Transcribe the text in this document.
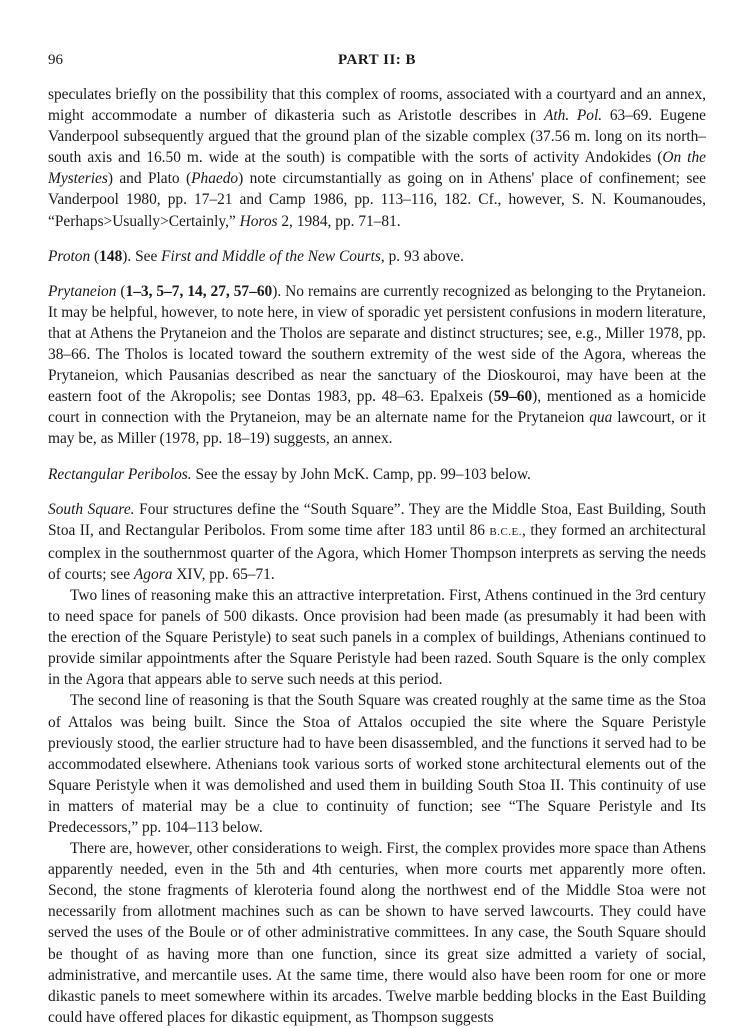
96	PART II: B

speculates briefly on the possibility that this complex of rooms, associated with a courtyard and an annex, might accommodate a number of dikasteria such as Aristotle describes in Ath. Pol. 63–69. Eugene Vanderpool subsequently argued that the ground plan of the sizable complex (37.56 m. long on its north–south axis and 16.50 m. wide at the south) is compatible with the sorts of activity Andokides (On the Mysteries) and Plato (Phaedo) note circumstantially as going on in Athens' place of confinement; see Vanderpool 1980, pp. 17–21 and Camp 1986, pp. 113–116, 182. Cf., however, S. N. Koumanoudes, “Perhaps>Usually>Certainly,” Horos 2, 1984, pp. 71–81.

Proton (148). See First and Middle of the New Courts, p. 93 above.

Prytaneion (1–3, 5–7, 14, 27, 57–60). No remains are currently recognized as belonging to the Prytaneion. It may be helpful, however, to note here, in view of sporadic yet persistent confusions in modern literature, that at Athens the Prytaneion and the Tholos are separate and distinct structures; see, e.g., Miller 1978, pp. 38–66. The Tholos is located toward the southern extremity of the west side of the Agora, whereas the Prytaneion, which Pausanias described as near the sanctuary of the Dioskouroi, may have been at the eastern foot of the Akropolis; see Dontas 1983, pp. 48–63. Epalxeis (59–60), mentioned as a homicide court in connection with the Prytaneion, may be an alternate name for the Prytaneion qua lawcourt, or it may be, as Miller (1978, pp. 18–19) suggests, an annex.

Rectangular Peribolos. See the essay by John McK. Camp, pp. 99–103 below.

South Square. Four structures define the “South Square”. They are the Middle Stoa, East Building, South Stoa II, and Rectangular Peribolos. From some time after 183 until 86 B.C.E., they formed an architectural complex in the southernmost quarter of the Agora, which Homer Thompson interprets as serving the needs of courts; see Agora XIV, pp. 65–71.

Two lines of reasoning make this an attractive interpretation. First, Athens continued in the 3rd century to need space for panels of 500 dikasts. Once provision had been made (as presumably it had been with the erection of the Square Peristyle) to seat such panels in a complex of buildings, Athenians continued to provide similar appointments after the Square Peristyle had been razed. South Square is the only complex in the Agora that appears able to serve such needs at this period.

The second line of reasoning is that the South Square was created roughly at the same time as the Stoa of Attalos was being built. Since the Stoa of Attalos occupied the site where the Square Peristyle previously stood, the earlier structure had to have been disassembled, and the functions it served had to be accommodated elsewhere. Athenians took various sorts of worked stone architectural elements out of the Square Peristyle when it was demolished and used them in building South Stoa II. This continuity of use in matters of material may be a clue to continuity of function; see “The Square Peristyle and Its Predecessors,” pp. 104–113 below.

There are, however, other considerations to weigh. First, the complex provides more space than Athens apparently needed, even in the 5th and 4th centuries, when more courts met apparently more often. Second, the stone fragments of kleroteria found along the northwest end of the Middle Stoa were not necessarily from allotment machines such as can be shown to have served lawcourts. They could have served the uses of the Boule or of other administrative committees. In any case, the South Square should be thought of as having more than one function, since its great size admitted a variety of social, administrative, and mercantile uses. At the same time, there would also have been room for one or more dikastic panels to meet somewhere within its arcades. Twelve marble bedding blocks in the East Building could have offered places for dikastic equipment, as Thompson suggests
